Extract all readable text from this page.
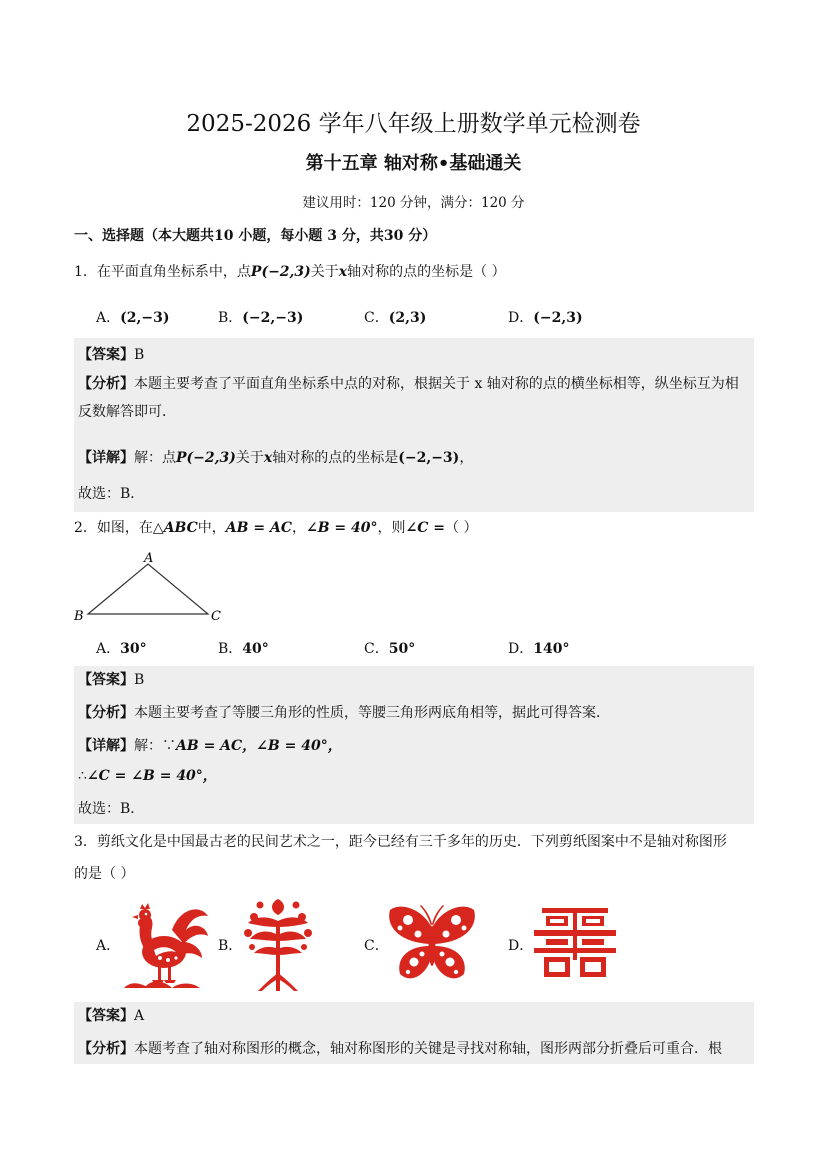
2025-2026 学年八年级上册数学单元检测卷
第十五章 轴对称•基础通关
建议用时：120 分钟，满分：120 分
一、选择题（本大题共10 小题，每小题 3 分，共30 分）
1．在平面直角坐标系中，点P(−2,3)关于x轴对称的点的坐标是（ ）
A．(2,−3)	B．(−2,−3)	C．(2,3)	D．(−2,3)
【答案】B
【分析】本题主要考查了平面直角坐标系中点的对称，根据关于 x 轴对称的点的横坐标相等，纵坐标互为相反数解答即可．
【详解】解：点P(−2,3)关于x轴对称的点的坐标是(−2,−3)，
故选：B．
2．如图，在△ABC中，AB = AC，∠B = 40°，则∠C =（ ）
A
B	C
A．30°	B．40°	C．50°	D．140°
【答案】B
【分析】本题主要考查了等腰三角形的性质，等腰三角形两底角相等，据此可得答案．
【详解】解：∵AB = AC，∠B = 40°，
∴∠C = ∠B = 40°，
故选：B．
3．剪纸文化是中国最古老的民间艺术之一，距今已经有三千多年的历史．下列剪纸图案中不是轴对称图形
的是（ ）
A．	B．	C．	D．
【答案】A
【分析】本题考查了轴对称图形的概念，轴对称图形的关键是寻找对称轴，图形两部分折叠后可重合．根
